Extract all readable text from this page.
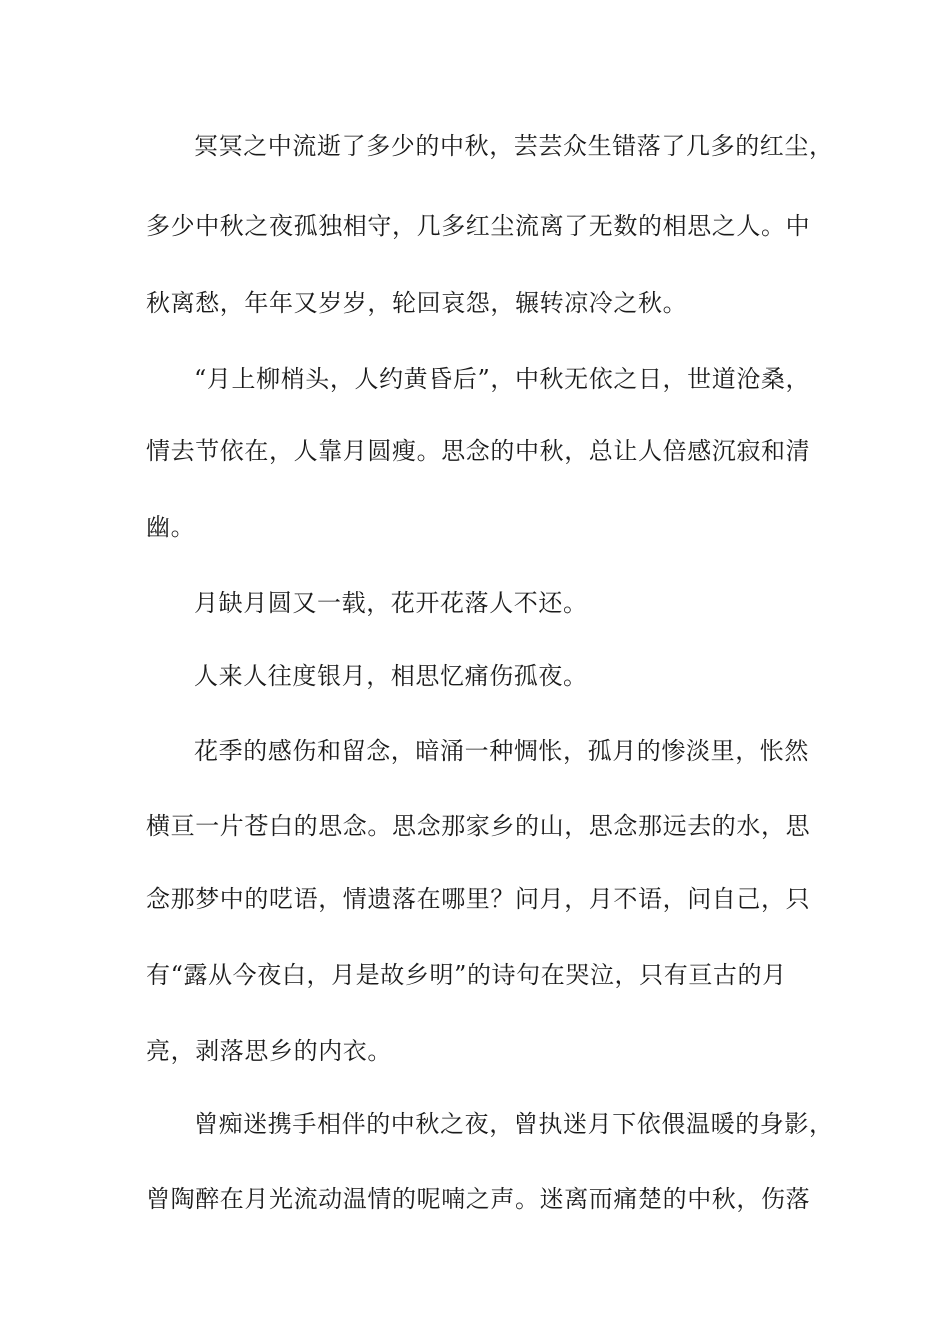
冥冥之中流逝了多少的中秋，芸芸众生错落了几多的红尘，
多少中秋之夜孤独相守，几多红尘流离了无数的相思之人。中
秋离愁，年年又岁岁，轮回哀怨，辗转凉冷之秋。
“月上柳梢头，人约黄昏后”，中秋无依之日，世道沧桑，
情去节依在，人靠月圆瘦。思念的中秋，总让人倍感沉寂和清
幽。
月缺月圆又一载，花开花落人不还。
人来人往度银月，相思忆痛伤孤夜。
花季的感伤和留念，暗涌一种惆怅，孤月的惨淡里，怅然
横亘一片苍白的思念。思念那家乡的山，思念那远去的水，思
念那梦中的呓语，情遗落在哪里？问月，月不语，问自己，只
有“露从今夜白，月是故乡明”的诗句在哭泣，只有亘古的月
亮，剥落思乡的内衣。
曾痴迷携手相伴的中秋之夜，曾执迷月下依偎温暖的身影，
曾陶醉在月光流动温情的呢喃之声。迷离而痛楚的中秋，伤落
